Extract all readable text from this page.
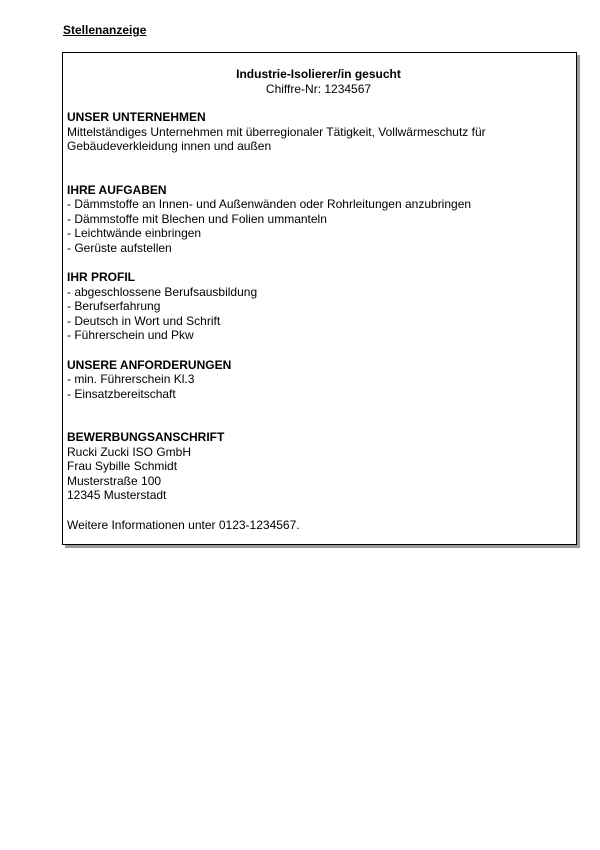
Stellenanzeige

Industrie-Isolierer/in gesucht

Chiffre-Nr: 1234567

UNSER UNTERNEHMEN

Mittelständiges Unternehmen mit überregionaler Tätigkeit, Vollwärmeschutz für

Gebäudeverkleidung innen und außen

IHRE AUFGABEN

- Dämmstoffe an Innen- und Außenwänden oder Rohrleitungen anzubringen

- Dämmstoffe mit Blechen und Folien ummanteln

- Leichtwände einbringen

- Gerüste aufstellen

IHR PROFIL

- abgeschlossene Berufsausbildung

- Berufserfahrung

- Deutsch in Wort und Schrift

- Führerschein und Pkw

UNSERE ANFORDERUNGEN

- min. Führerschein Kl.3

- Einsatzbereitschaft

BEWERBUNGSANSCHRIFT

Rucki Zucki ISO GmbH

Frau Sybille Schmidt

Musterstraße 100

12345 Musterstadt

Weitere Informationen unter 0123-1234567.
